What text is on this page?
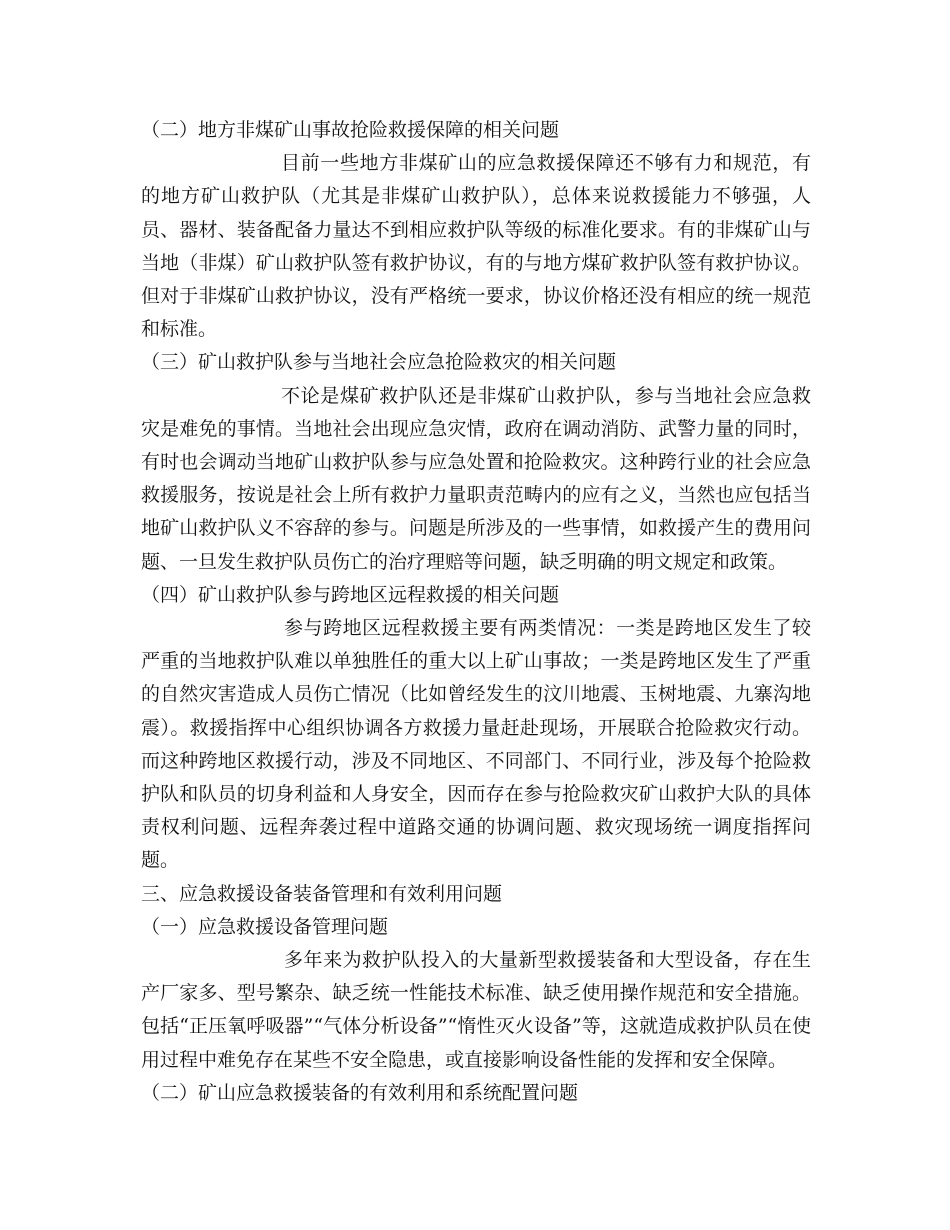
（二）地方非煤矿山事故抢险救援保障的相关问题

目前一些地方非煤矿山的应急救援保障还不够有力和规范，有的地方矿山救护队（尤其是非煤矿山救护队），总体来说救援能力不够强，人员、器材、装备配备力量达不到相应救护队等级的标准化要求。有的非煤矿山与当地（非煤）矿山救护队签有救护协议，有的与地方煤矿救护队签有救护协议。但对于非煤矿山救护协议，没有严格统一要求，协议价格还没有相应的统一规范和标准。

（三）矿山救护队参与当地社会应急抢险救灾的相关问题

不论是煤矿救护队还是非煤矿山救护队，参与当地社会应急救灾是难免的事情。当地社会出现应急灾情，政府在调动消防、武警力量的同时，有时也会调动当地矿山救护队参与应急处置和抢险救灾。这种跨行业的社会应急救援服务，按说是社会上所有救护力量职责范畴内的应有之义，当然也应包括当地矿山救护队义不容辞的参与。问题是所涉及的一些事情，如救援产生的费用问题、一旦发生救护队员伤亡的治疗理赔等问题，缺乏明确的明文规定和政策。

（四）矿山救护队参与跨地区远程救援的相关问题

参与跨地区远程救援主要有两类情况：一类是跨地区发生了较严重的当地救护队难以单独胜任的重大以上矿山事故；一类是跨地区发生了严重的自然灾害造成人员伤亡情况（比如曾经发生的汶川地震、玉树地震、九寨沟地震）。救援指挥中心组织协调各方救援力量赶赴现场，开展联合抢险救灾行动。而这种跨地区救援行动，涉及不同地区、不同部门、不同行业，涉及每个抢险救护队和队员的切身利益和人身安全，因而存在参与抢险救灾矿山救护大队的具体责权利问题、远程奔袭过程中道路交通的协调问题、救灾现场统一调度指挥问题。

三、应急救援设备装备管理和有效利用问题

（一）应急救援设备管理问题

多年来为救护队投入的大量新型救援装备和大型设备，存在生产厂家多、型号繁杂、缺乏统一性能技术标准、缺乏使用操作规范和安全措施。包括“正压氧呼吸器”“气体分析设备”“惰性灭火设备”等，这就造成救护队员在使用过程中难免存在某些不安全隐患，或直接影响设备性能的发挥和安全保障。

（二）矿山应急救援装备的有效利用和系统配置问题
